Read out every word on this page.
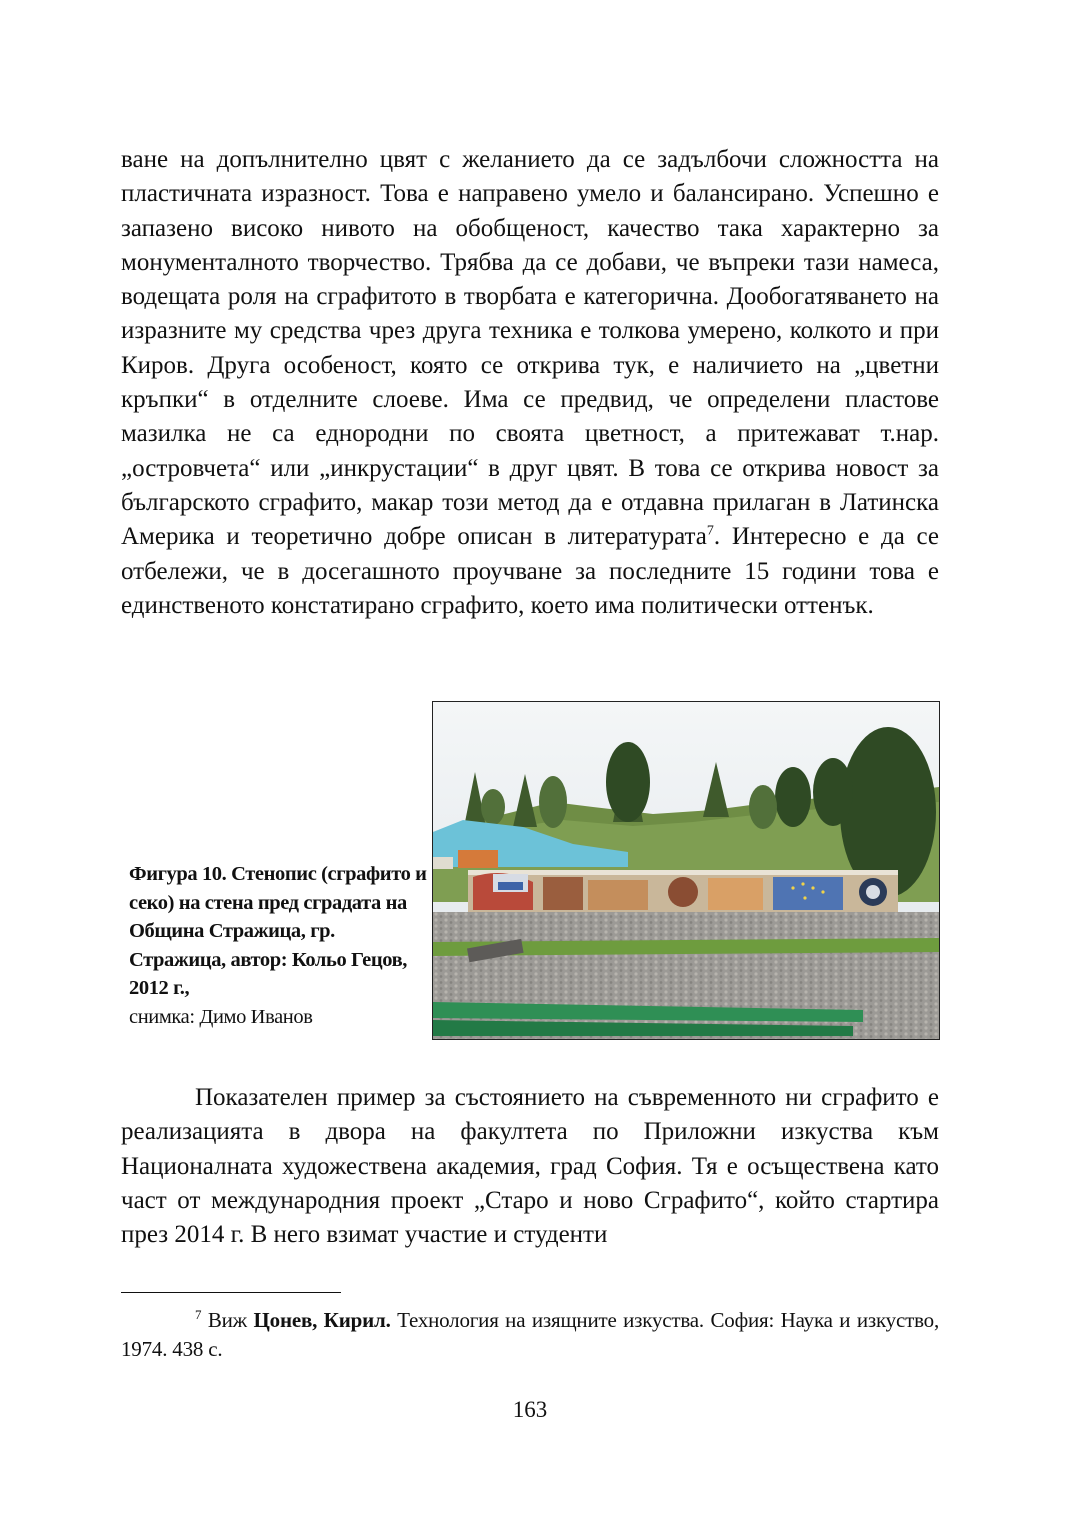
ване на допълнително цвят с желанието да се задълбочи сложността на пластичната изразност. Това е направено умело и балансирано. Успешно е запазено високо нивото на обобщеност, качество така характерно за монументалното творчество. Трябва да се добави, че въпреки тази намеса, водещата роля на сграфитото в творбата е категорична. Дообогатяването на изразните му средства чрез друга техника е толкова умерено, колкото и при Киров. Друга особеност, която се открива тук, е наличието на „цветни кръпки“ в отделните слоеве. Има се предвид, че определени пластове мазилка не са еднородни по своята цветност, а притежават т.нар. „островчета“ или „инкрустации“ в друг цвят. В това се открива новост за българското сграфито, макар този метод да е отдавна прилаган в Латинска Америка и теоретично добре описан в литературата$^7$. Интересно е да се отбележи, че в досегашното проучване за последните 15 години това е единственото констатирано сграфито, което има политически оттенък.

Фигура 10. Стенопис (сграфито и секо) на стена пред сградата на Община Стражица, гр. Стражица, автор: Кольо Гецов, 2012 г.,
снимка: Димо Иванов

Показателен пример за състоянието на съвременното ни сграфито е реализацията в двора на факултета по Приложни изкуства към Националната художествена академия, град София. Тя е осъществена като част от международния проект „Старо и ново Сграфито“, който стартира през 2014 г. В него взимат участие и студенти

$^7$ Виж Цонев, Кирил. Технология на изящните изкуства. София: Наука и изкуство, 1974. 438 с.

163
